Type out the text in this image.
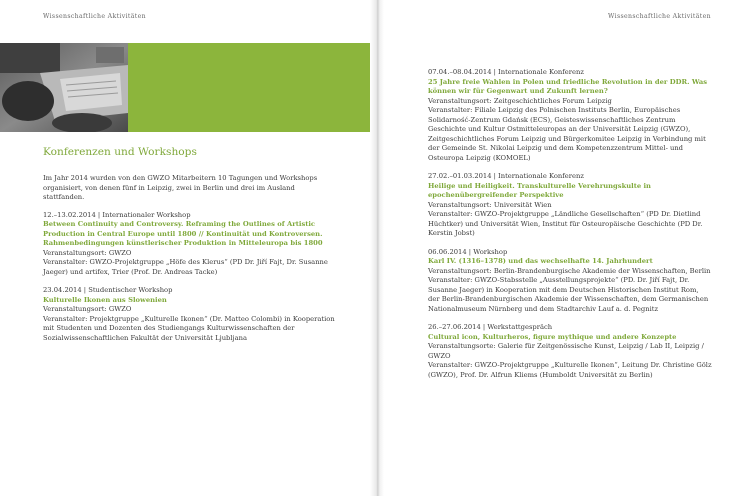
Wissenschaftliche Aktivitäten
Konferenzen und Workshops

Im Jahr 2014 wurden von den GWZO Mitarbeitern 10 Tagungen und Workshops organisiert, von denen fünf in Leipzig, zwei in Berlin und drei im Ausland stattfanden.

12.–13.02.2014 | Internationaler Workshop

Between Continuity and Controversy. Reframing the Outlines of Artistic Production in Central Europe until 1800 // Kontinuität und Kontroversen. Rahmenbedingungen künstlerischer Produktion in Mitteleuropa bis 1800

Veranstaltungsort: GWZO

Veranstalter: GWZO-Projektgruppe „Höfe des Klerus“ (PD Dr. Jiří Fajt, Dr. Susanne Jaeger) und artifex, Trier (Prof. Dr. Andreas Tacke)

23.04.2014 | Studentischer Workshop

Kulturelle Ikonen aus Slowenien

Veranstaltungsort: GWZO

Veranstalter: Projektgruppe „Kulturelle Ikonen“ (Dr. Matteo Colombi) in Kooperation mit Studenten und Dozenten des Studiengangs Kulturwissenschaften der Sozialwissenschaftlichen Fakultät der Universität Ljubljana

Wissenschaftliche Aktivitäten

07.04.–08.04.2014 | Internationale Konferenz

25 Jahre freie Wahlen in Polen und friedliche Revolution in der DDR. Was können wir für Gegenwart und Zukunft lernen?

Veranstaltungsort: Zeitgeschichtliches Forum Leipzig

Veranstalter: Filiale Leipzig des Polnischen Instituts Berlin, Europäisches Solidarność-Zentrum Gdańsk (ECS), Geisteswissenschaftliches Zentrum Geschichte und Kultur Ostmitteleuropas an der Universität Leipzig (GWZO), Zeitgeschichtliches Forum Leipzig und Bürgerkomitee Leipzig in Verbindung mit der Gemeinde St. Nikolai Leipzig und dem Kompetenzzentrum Mittel- und Osteuropa Leipzig (KOMOEL)

27.02.–01.03.2014 | Internationale Konferenz

Heilige und Heiligkeit. Transkulturelle Verehrungskulte in epochenübergreifender Perspektive

Veranstaltungsort: Universität Wien

Veranstalter: GWZO-Projektgruppe „Ländliche Gesellschaften“ (PD Dr. Dietlind Hüchtker) und Universität Wien, Institut für Osteuropäische Geschichte (PD Dr. Kerstin Jobst)

06.06.2014 | Workshop

Karl IV. (1316–1378) und das wechselhafte 14. Jahrhundert

Veranstaltungsort: Berlin-Brandenburgische Akademie der Wissenschaften, Berlin

Veranstalter: GWZO-Stabsstelle „Ausstellungsprojekte“ (PD. Dr. Jiří Fajt, Dr. Susanne Jaeger) in Kooperation mit dem Deutschen Historischen Institut Rom, der Berlin-Brandenburgischen Akademie der Wissenschaften, dem Germanischen Nationalmuseum Nürnberg und dem Stadtarchiv Lauf a. d. Pegnitz

26.–27.06.2014 | Werkstattgespräch

Cultural icon, Kulturheros, figure mythique und andere Konzepte

Veranstaltungsorte: Galerie für Zeitgenössische Kunst, Leipzig / Lab II, Leipzig / GWZO

Veranstalter: GWZO-Projektgruppe „Kulturelle Ikonen“, Leitung Dr. Christine Gölz (GWZO), Prof. Dr. Alfrun Kliems (Humboldt Universität zu Berlin)
